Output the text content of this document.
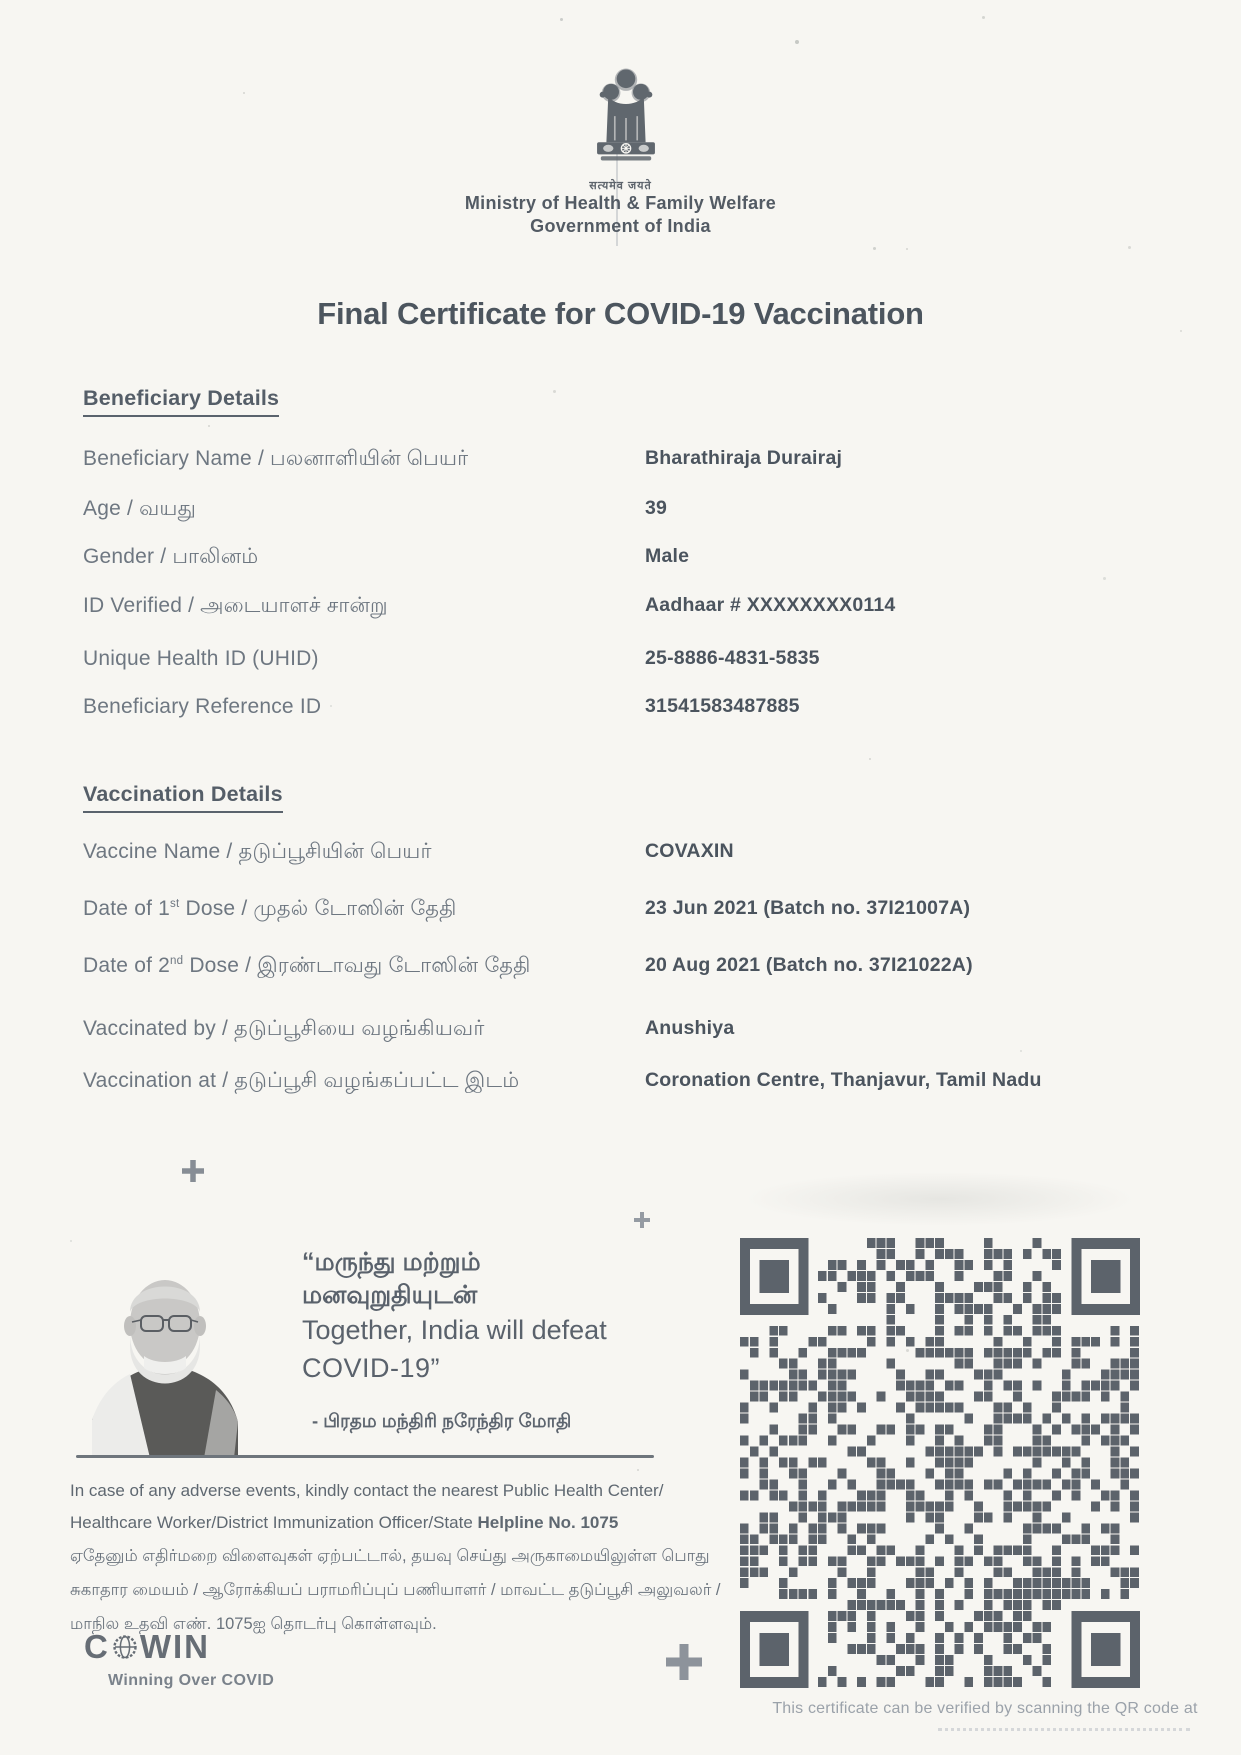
सत्यमेव जयते
Ministry of Health & Family Welfare
Government of India
Final Certificate for COVID-19 Vaccination
Beneficiary Details
Beneficiary Name / பலனாளியின் பெயர்	Bharathiraja Durairaj
Age / வயது	39
Gender / பாலினம்	Male
ID Verified / அடையாளச் சான்று	Aadhaar # XXXXXXXX0114
Unique Health ID (UHID)	25-8886-4831-5835
Beneficiary Reference ID	31541583487885
Vaccination Details
Vaccine Name / தடுப்பூசியின் பெயர்	COVAXIN
Date of 1st Dose / முதல் டோஸின் தேதி	23 Jun 2021 (Batch no. 37I21007A)
Date of 2nd Dose / இரண்டாவது டோஸின் தேதி	20 Aug 2021 (Batch no. 37I21022A)
Vaccinated by / தடுப்பூசியை வழங்கியவர்	Anushiya
Vaccination at / தடுப்பூசி வழங்கப்பட்ட இடம்	Coronation Centre, Thanjavur, Tamil Nadu
“மருந்து மற்றும்
மனவுறுதியுடன்
Together, India will defeat
COVID-19”
- பிரதம மந்திரி நரேந்திர மோதி
In case of any adverse events, kindly contact the nearest Public Health Center/
Healthcare Worker/District Immunization Officer/State Helpline No. 1075
ஏதேனும் எதிர்மறை விளைவுகள் ஏற்பட்டால், தயவு செய்து அருகாமையிலுள்ள பொது
சுகாதார மையம் / ஆரோக்கியப் பராமரிப்புப் பணியாளர் / மாவட்ட தடுப்பூசி அலுவலர் /
மாநில உதவி எண். 1075ஐ தொடர்பு கொள்ளவும்.
C WIN
Winning Over COVID
This certificate can be verified by scanning the QR code at
